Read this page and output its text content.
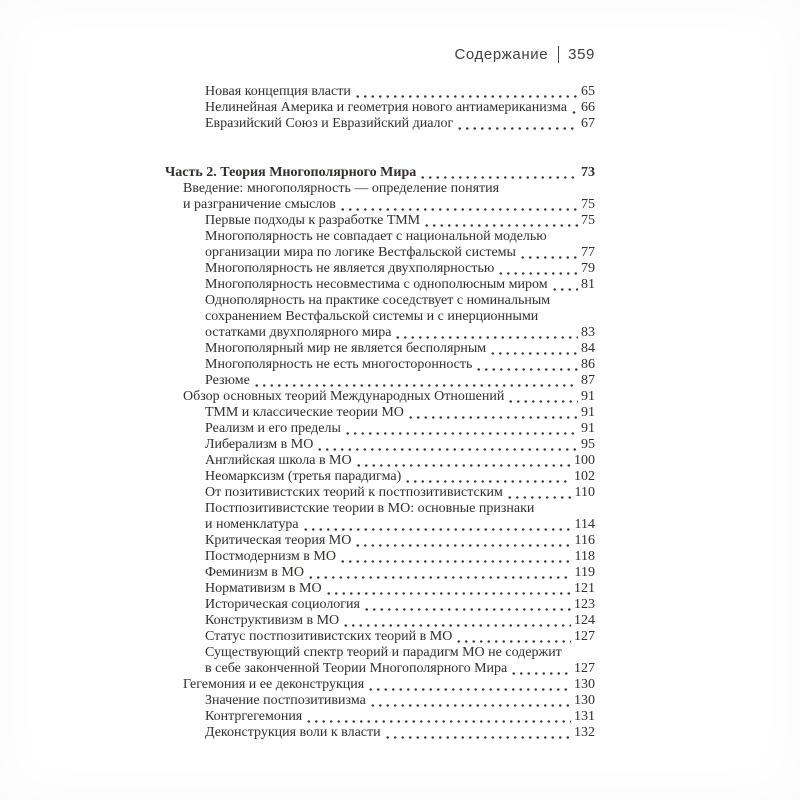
Содержание 359
Новая концепция власти	65
Нелинейная Америка и геометрия нового антиамериканизма 66
Евразийский Союз и Евразийский диалог	67
Часть 2. Теория Многополярного Мира	73
Введение: многополярность — определение понятия
и разграничение смыслов	75
Первые подходы к разработке ТММ	75
Многополярность не совпадает с национальной моделью
организации мира по логике Вестфальской системы	77
Многополярность не является двухполярностью	79
Многополярность несовместима с однополюсным миром 81
Однополярность на практике соседствует с номинальным
сохранением Вестфальской системы и с инерционными
остатками двухполярного мира	83
Многополярный мир не является бесполярным	84
Многополярность не есть многосторонность	86
Резюме	87
Обзор основных теорий Международных Отношений	91
ТММ и классические теории МО	91
Реализм и его пределы	91
Либерализм в МО	95
Английская школа в МО	100
Неомарксизм (третья парадигма)	102
От позитивистских теорий к постпозитивистским	110
Постпозитивистские теории в МО: основные признаки
и номенклатура	114
Критическая теория МО	116
Постмодернизм в МО	118
Феминизм в МО	119
Нормативизм в МО	121
Историческая социология	123
Конструктивизм в МО	124
Статус постпозитивистских теорий в МО	127
Существующий спектр теорий и парадигм МО не содержит
в себе законченной Теории Многополярного Мира	127
Гегемония и ее деконструкция	130
Значение постпозитивизма	130
Контргегемония	131
Деконструкция воли к власти	132
